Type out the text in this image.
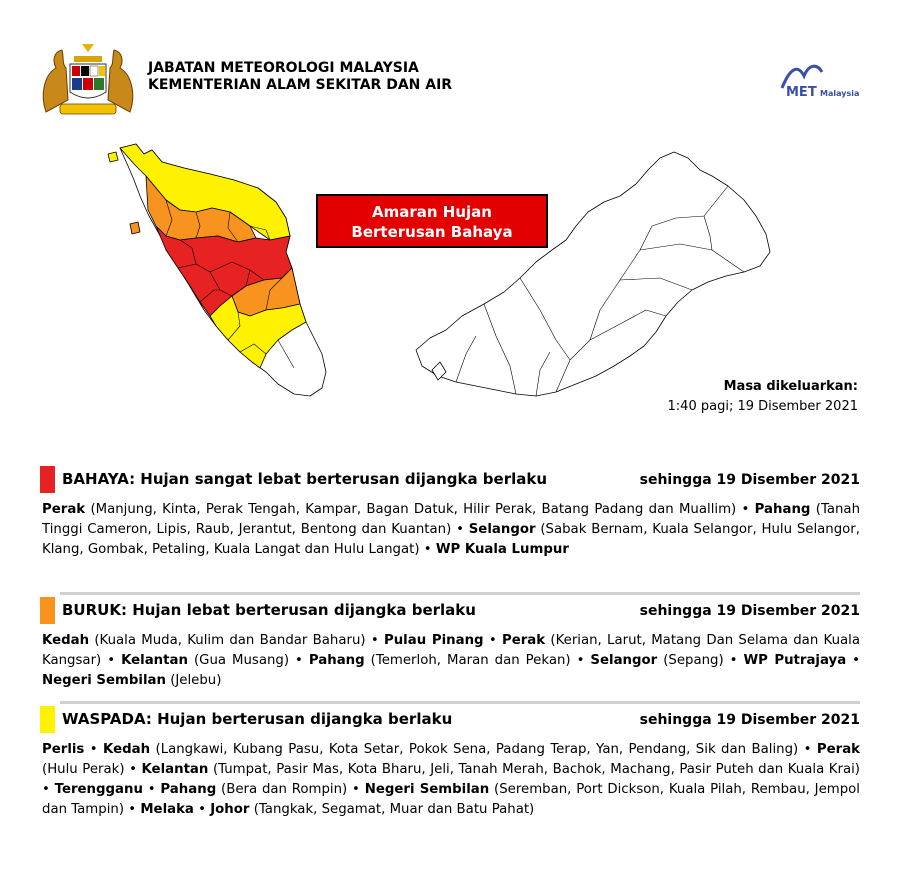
JABATAN METEOROLOGI MALAYSIA
KEMENTERIAN ALAM SEKITAR DAN AIR	MET Malaysia
Amaran Hujan
Berterusan Bahaya
Masa dikeluarkan:
1:40 pagi; 19 Disember 2021
BAHAYA: Hujan sangat lebat berterusan dijangka berlaku	sehingga 19 Disember 2021
Perak (Manjung, Kinta, Perak Tengah, Kampar, Bagan Datuk, Hilir Perak, Batang Padang dan Muallim) • Pahang (Tanah Tinggi Cameron, Lipis, Raub, Jerantut, Bentong dan Kuantan) • Selangor (Sabak Bernam, Kuala Selangor, Hulu Selangor, Klang, Gombak, Petaling, Kuala Langat dan Hulu Langat) • WP Kuala Lumpur
BURUK: Hujan lebat berterusan dijangka berlaku	sehingga 19 Disember 2021
Kedah (Kuala Muda, Kulim dan Bandar Baharu) • Pulau Pinang • Perak (Kerian, Larut, Matang Dan Selama dan Kuala Kangsar) • Kelantan (Gua Musang) • Pahang (Temerloh, Maran dan Pekan) • Selangor (Sepang) • WP Putrajaya • Negeri Sembilan (Jelebu)
WASPADA: Hujan berterusan dijangka berlaku	sehingga 19 Disember 2021
Perlis • Kedah (Langkawi, Kubang Pasu, Kota Setar, Pokok Sena, Padang Terap, Yan, Pendang, Sik dan Baling) • Perak (Hulu Perak) • Kelantan (Tumpat, Pasir Mas, Kota Bharu, Jeli, Tanah Merah, Bachok, Machang, Pasir Puteh dan Kuala Krai) • Terengganu • Pahang (Bera dan Rompin) • Negeri Sembilan (Seremban, Port Dickson, Kuala Pilah, Rembau, Jempol dan Tampin) • Melaka • Johor (Tangkak, Segamat, Muar dan Batu Pahat)
